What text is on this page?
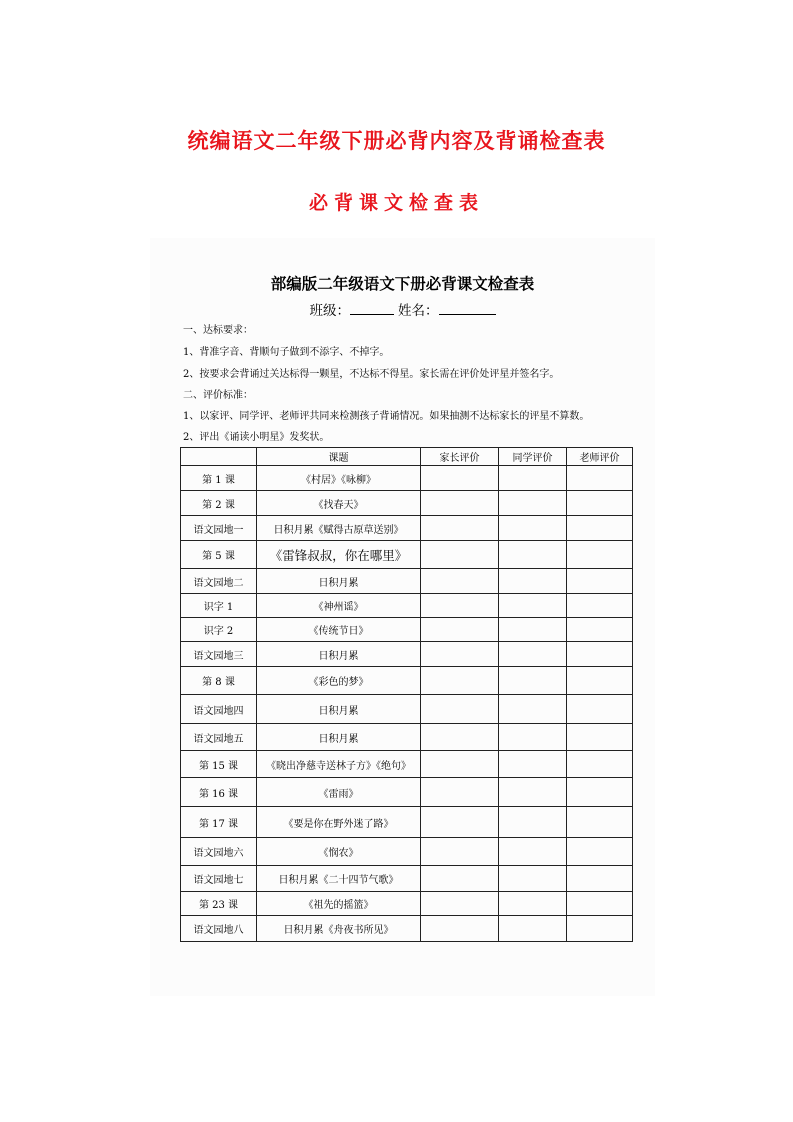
统编语文二年级下册必背内容及背诵检查表
必背课文检查表
部编版二年级语文下册必背课文检查表
班级：	姓名：
一、达标要求：
1、背准字音、背顺句子做到不添字、不掉字。
2、按要求会背诵过关达标得一颗星，不达标不得星。家长需在评价处评星并签名字。
二、评价标准：
1、以家评、同学评、老师评共同来检测孩子背诵情况。如果抽测不达标家长的评星不算数。
2、评出《诵读小明星》发奖状。
	课题	家长评价	同学评价	老师评价
第 1 课	《村居》《咏柳》			
第 2 课	《找春天》			
语文园地一	日积月累《赋得古原草送别》			
第 5 课	《雷锋叔叔，你在哪里》			
语文园地二	日积月累			
识字 1	《神州谣》			
识字 2	《传统节日》			
语文园地三	日积月累			
第 8 课	《彩色的梦》			
语文园地四	日积月累			
语文园地五	日积月累			
第 15 课	《晓出净慈寺送林子方》《绝句》			
第 16 课	《雷雨》			
第 17 课	《要是你在野外迷了路》			
语文园地六	《悯农》			
语文园地七	日积月累《二十四节气歌》			
第 23 课	《祖先的摇篮》			
语文园地八	日积月累《舟夜书所见》			
